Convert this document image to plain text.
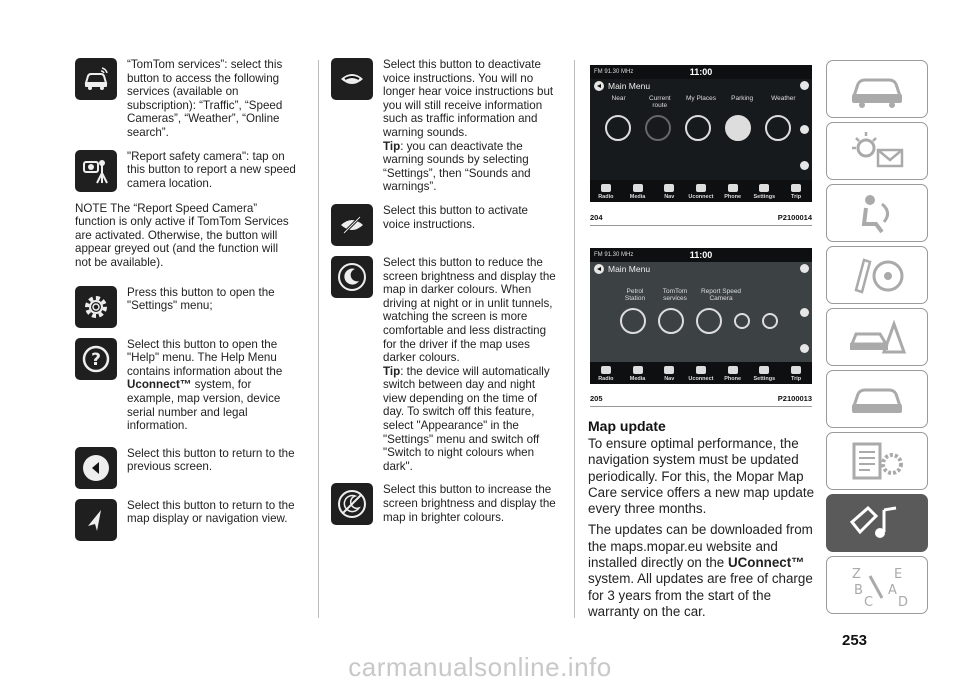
“TomTom services”: select this button to access the following services (available on subscription): “Traffic”, “Speed Cameras”, “Weather”, “Online search”.
"Report safety camera": tap on this button to report a new speed camera location.
NOTE The “Report Speed Camera” function is only active if TomTom Services are activated. Otherwise, the button will appear greyed out (and the function will not be available).
Press this button to open the "Settings" menu;
?
Select this button to open the "Help" menu. The Help Menu contains information about the Uconnect™ system, for example, map version, device serial number and legal information.
Select this button to return to the previous screen.
Select this button to return to the map display or navigation view.
Select this button to deactivate voice instructions. You will no longer hear voice instructions but you will still receive information such as traffic information and warning sounds.
Tip: you can deactivate the warning sounds by selecting “Settings”, then “Sounds and warnings”.
Select this button to activate voice instructions.
Select this button to reduce the screen brightness and display the map in darker colours. When driving at night or in unlit tunnels, watching the screen is more comfortable and less distracting for the driver if the map uses darker colours.
Tip: the device will automatically switch between day and night view depending on the time of day. To switch off this feature, select "Appearance" in the "Settings" menu and switch off "Switch to night colours when dark".
Select this button to increase the screen brightness and display the map in brighter colours.
FM 91.30 MHz	11:00
Main Menu
Near	Current route
My Places	Parking	Weather
Radio	Media	Nav	Uconnect	Phone	Settings	Trip
204	P2100014
FM 91.30 MHz	11:00
Main Menu
Petrol Station
TomTom services
Report Speed Camera
Radio	Media	Nav	Uconnect	Phone	Settings	Trip
205	P2100013
Map update

To ensure optimal performance, the navigation system must be updated periodically. For this, the Mopar Map Care service offers a new map update every three months.

The updates can be downloaded from the maps.mopar.eu website and installed directly on the UConnect™ system. All updates are free of charge for 3 years from the start of the warranty on the car.

253
Z	E
B A
C D
carmanualsonline.info
